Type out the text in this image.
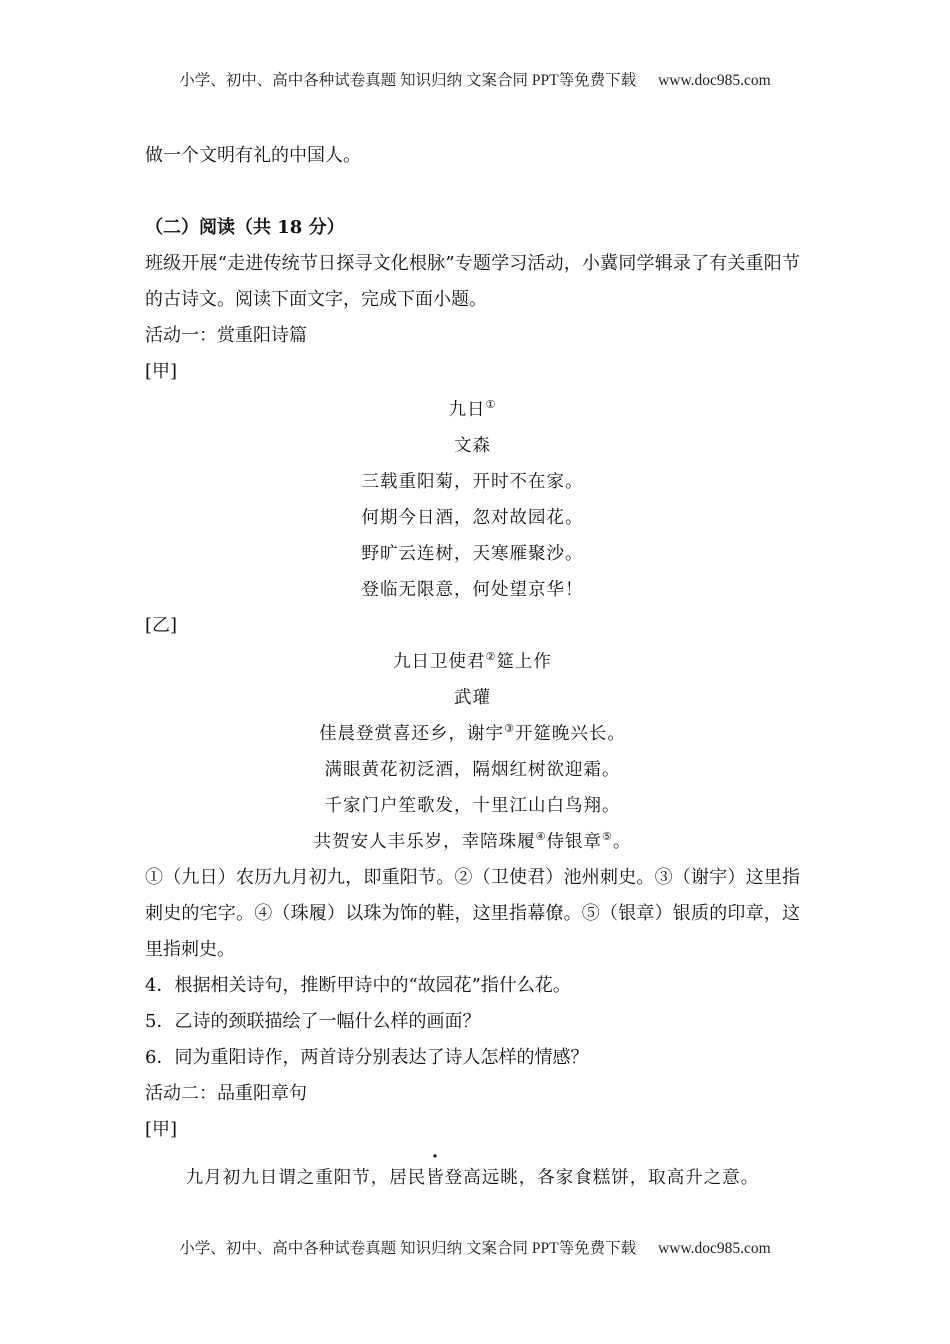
小学、初中、高中各种试卷真题 知识归纳 文案合同 PPT等免费下载 www.doc985.com
做一个文明有礼的中国人。
（二）阅读（共 18 分）
班级开展“走进传统节日探寻文化根脉”专题学习活动，小冀同学辑录了有关重阳节的古诗文。阅读下面文字，完成下面小题。
活动一：赏重阳诗篇
[甲]
九日①
文森
三载重阳菊，开时不在家。
何期今日酒，忽对故园花。
野旷云连树，天寒雁聚沙。
登临无限意，何处望京华！
[乙]
九日卫使君②筵上作
武瓘
佳晨登赏喜还乡，谢宇③开筵晚兴长。
满眼黄花初泛酒，隔烟红树欲迎霜。
千家门户笙歌发，十里江山白鸟翔。
共贺安人丰乐岁，幸陪珠履④侍银章⑤。
①（九日）农历九月初九，即重阳节。②（卫使君）池州刺史。③（谢宇）这里指刺史的宅字。④（珠履）以珠为饰的鞋，这里指幕僚。⑤（银章）银质的印章，这里指刺史。
4．根据相关诗句，推断甲诗中的“故园花”指什么花。
5．乙诗的颈联描绘了一幅什么样的画面？
6．同为重阳诗作，两首诗分别表达了诗人怎样的情感？
活动二：品重阳章句
[甲]
九月初九日谓之重阳节，居民皆登高远眺，各家食糕饼，取高升之意。
小学、初中、高中各种试卷真题 知识归纳 文案合同 PPT等免费下载 www.doc985.com
